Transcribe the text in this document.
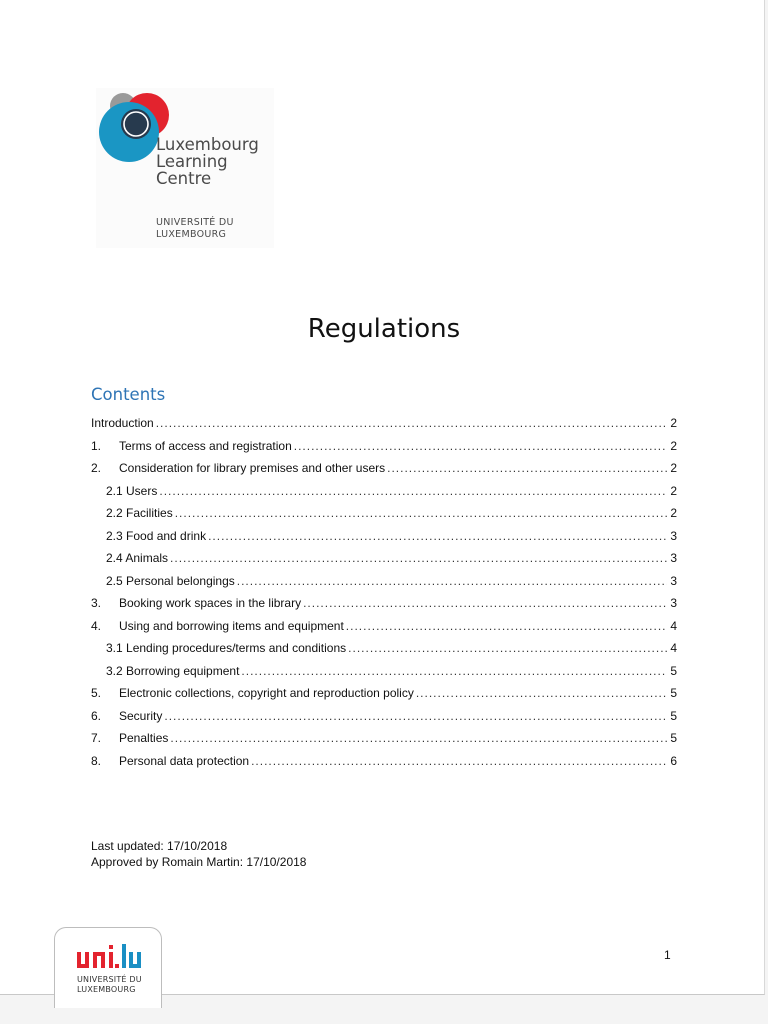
Luxembourg
Learning
Centre
UNIVERSITÉ DU
LUXEMBOURG
Regulations
Contents
Introduction .....	2
1.	Terms of access and registration .....	2
2.	Consideration for library premises and other users .....	2
2.1 Users .....	2
2.2 Facilities .....	2
2.3 Food and drink .....	3
2.4 Animals .....	3
2.5 Personal belongings .....	3
3.	Booking work spaces in the library .....	3
4.	Using and borrowing items and equipment .....	4
3.1 Lending procedures/terms and conditions .....	4
3.2 Borrowing equipment .....	5
5.	Electronic collections, copyright and reproduction policy .....	5
6.	Security .....	5
7.	Penalties .....	5
8.	Personal data protection .....	6
Last updated: 17/10/2018
Approved by Romain Martin: 17/10/2018
UNIVERSITÉ DU
LUXEMBOURG
1
